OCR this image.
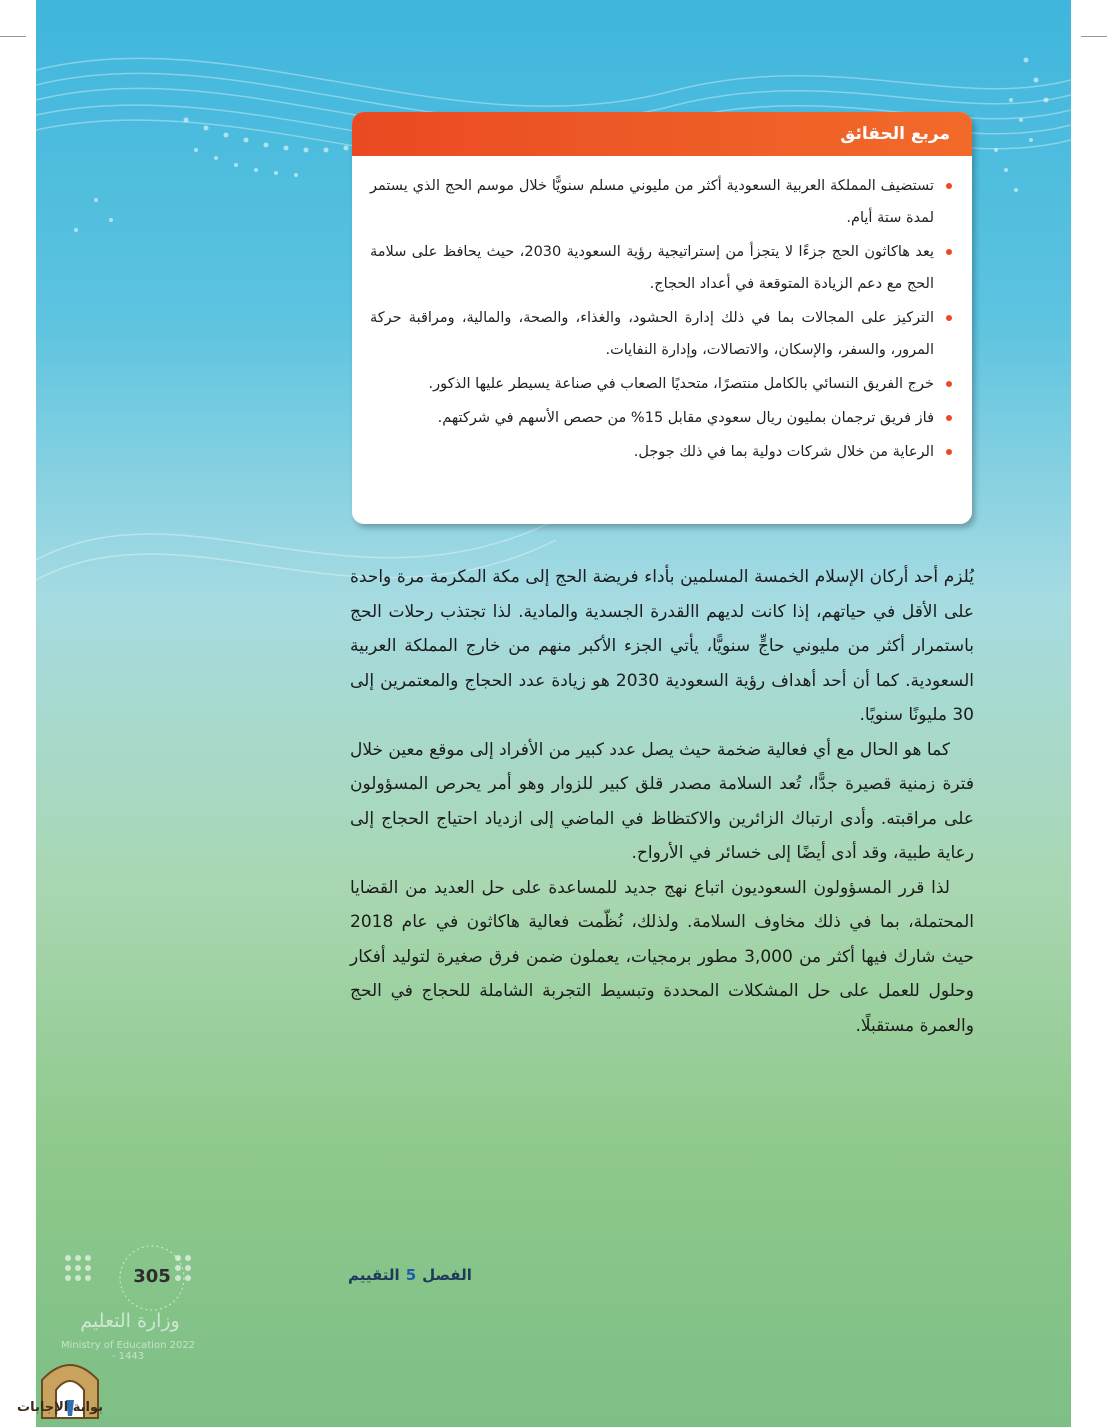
مربع الحقائق
تستضيف المملكة العربية السعودية أكثر من مليوني مسلم سنويًّا خلال موسم الحج الذي يستمر لمدة ستة أيام.
يعد هاكاثون الحج جزءًا لا يتجزأ من إستراتيجية رؤية السعودية 2030، حيث يحافظ على سلامة الحج مع دعم الزيادة المتوقعة في أعداد الحجاج.
التركيز على المجالات بما في ذلك إدارة الحشود، والغذاء، والصحة، والمالية، ومراقبة حركة المرور، والسفر، والإسكان، والاتصالات، وإدارة النفايات.
خرج الفريق النسائي بالكامل منتصرًا، متحديًا الصعاب في صناعة يسيطر عليها الذكور.
فاز فريق ترجمان بمليون ريال سعودي مقابل 15% من حصص الأسهم في شركتهم.
الرعاية من خلال شركات دولية بما في ذلك جوجل.

يُلزم أحد أركان الإسلام الخمسة المسلمين بأداء فريضة الحج إلى مكة المكرمة مرة واحدة على الأقل في حياتهم، إذا كانت لديهم االقدرة الجسدية والمادية. لذا تجتذب رحلات الحج باستمرار أكثر من مليوني حاجٍّ سنويًّا، يأتي الجزء الأكبر منهم من خارج المملكة العربية السعودية. كما أن أحد أهداف رؤية السعودية 2030 هو زيادة عدد الحجاج والمعتمرين إلى 30 مليونًا سنويًا.

كما هو الحال مع أي فعالية ضخمة حيث يصل عدد كبير من الأفراد إلى موقع معين خلال فترة زمنية قصيرة جدًّا، تُعد السلامة مصدر قلق كبير للزوار وهو أمر يحرص المسؤولون على مراقبته. وأدى ارتباك الزائرين والاكتظاظ في الماضي إلى ازدياد احتياج الحجاج إلى رعاية طبية، وقد أدى أيضًا إلى خسائر في الأرواح.

لذا قرر المسؤولون السعوديون اتباع نهج جديد للمساعدة على حل العديد من القضايا المحتملة، بما في ذلك مخاوف السلامة. ولذلك، نُظّمت فعالية هاكاثون في عام 2018 حيث شارك فيها أكثر من 3,000 مطور برمجيات، يعملون ضمن فرق صغيرة لتوليد أفكار وحلول للعمل على حل المشكلات المحددة وتبسيط التجربة الشاملة للحجاج في الحج والعمرة مستقبلًا.

الفصل5التقييم
305
وزارة التعليم
Ministry of Education 2022 - 1443
بوابة الإجابات
